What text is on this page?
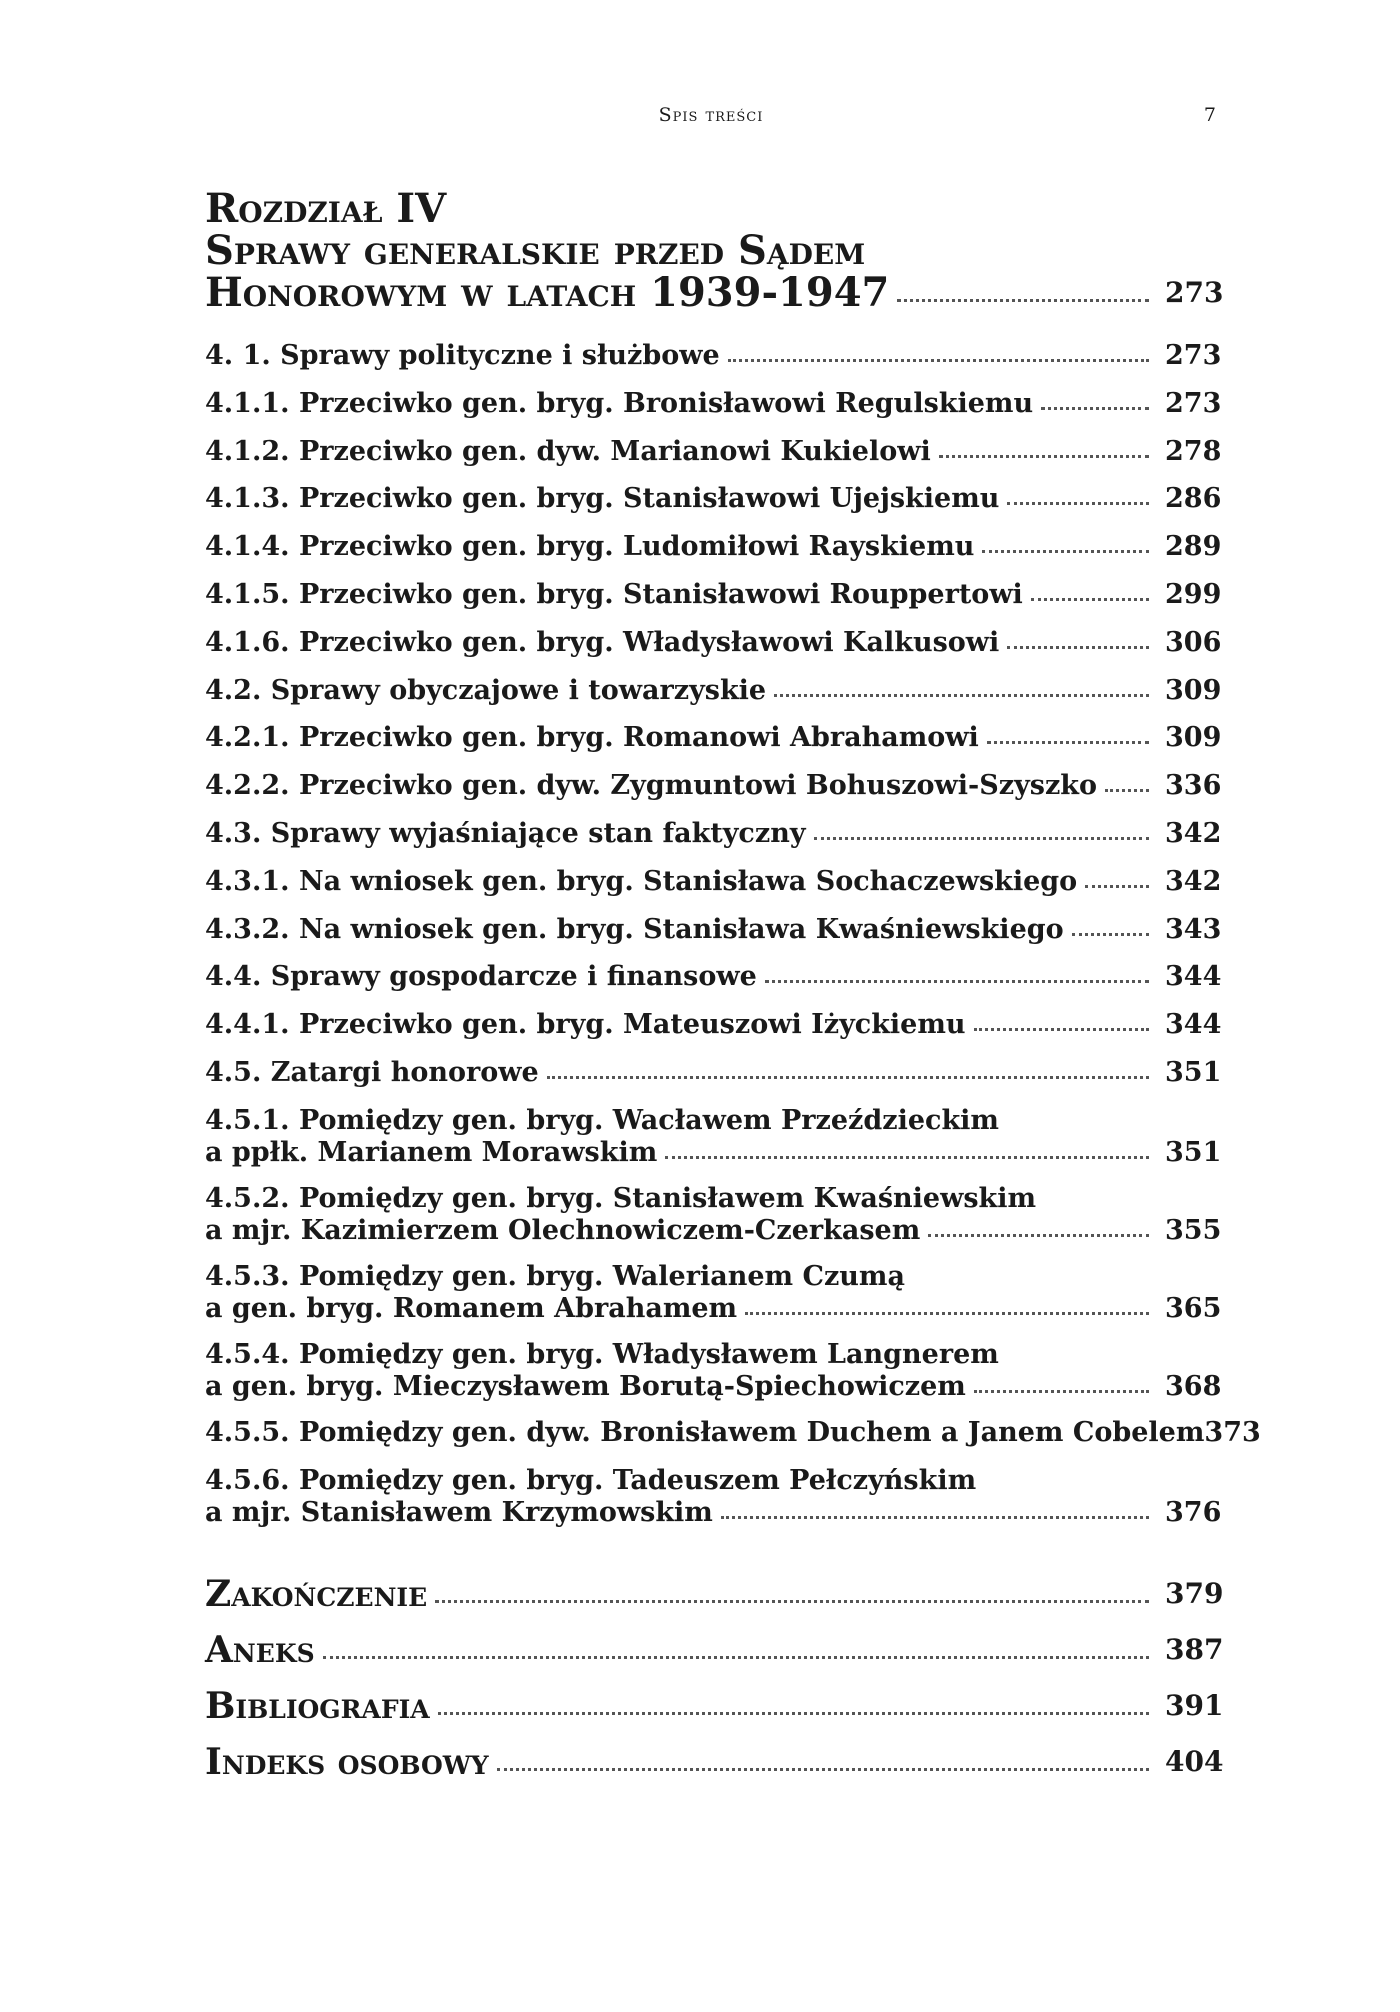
Spis treści	7
Rozdział IV
Sprawy generalskie przed Sądem
Honorowym w latach 1939-1947	273
4. 1. Sprawy polityczne i służbowe	273
4.1.1. Przeciwko gen. bryg. Bronisławowi Regulskiemu	273
4.1.2. Przeciwko gen. dyw. Marianowi Kukielowi	278
4.1.3. Przeciwko gen. bryg. Stanisławowi Ujejskiemu	286
4.1.4. Przeciwko gen. bryg. Ludomiłowi Rayskiemu	289
4.1.5. Przeciwko gen. bryg. Stanisławowi Rouppertowi	299
4.1.6. Przeciwko gen. bryg. Władysławowi Kalkusowi	306
4.2. Sprawy obyczajowe i towarzyskie	309
4.2.1. Przeciwko gen. bryg. Romanowi Abrahamowi	309
4.2.2. Przeciwko gen. dyw. Zygmuntowi Bohuszowi-Szyszko	336
4.3. Sprawy wyjaśniające stan faktyczny	342
4.3.1. Na wniosek gen. bryg. Stanisława Sochaczewskiego	342
4.3.2. Na wniosek gen. bryg. Stanisława Kwaśniewskiego	343
4.4. Sprawy gospodarcze i finansowe	344
4.4.1. Przeciwko gen. bryg. Mateuszowi Iżyckiemu	344
4.5. Zatargi honorowe	351
4.5.1. Pomiędzy gen. bryg. Wacławem Przeździeckim
a ppłk. Marianem Morawskim	351
4.5.2. Pomiędzy gen. bryg. Stanisławem Kwaśniewskim
a mjr. Kazimierzem Olechnowiczem-Czerkasem	355
4.5.3. Pomiędzy gen. bryg. Walerianem Czumą
a gen. bryg. Romanem Abrahamem	365
4.5.4. Pomiędzy gen. bryg. Władysławem Langnerem
a gen. bryg. Mieczysławem Borutą-Spiechowiczem	368
4.5.5. Pomiędzy gen. dyw. Bronisławem Duchem a Janem Cobelem 373
4.5.6. Pomiędzy gen. bryg. Tadeuszem Pełczyńskim
a mjr. Stanisławem Krzymowskim	376
Zakończenie	379
Aneks	387
Bibliografia	391
Indeks osobowy	404
